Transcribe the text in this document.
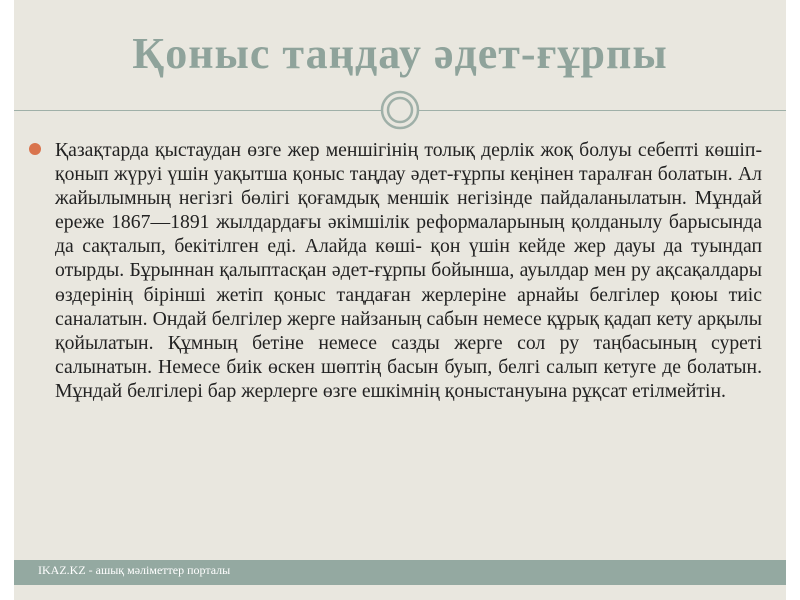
Қоныс таңдау әдет-ғұрпы

Қазақтарда қыстаудан өзге жер меншігінің толық дерлік жоқ болуы себепті көшіп-қонып жүруі үшін уақытша қоныс таңдау әдет-ғұрпы кеңінен таралған болатын. Ал жайылымның негізгі бөлігі қоғамдық меншік негізінде пайдаланылатын. Мұндай ереже 1867—1891 жылдардағы әкімшілік реформаларының қолданылу барысында да сақталып, бекітілген еді. Алайда көші- қон үшін кейде жер дауы да туындап отырды. Бұрыннан қалыптасқан әдет-ғұрпы бойынша, ауылдар мен ру ақсақалдары өздерінің бірінші жетіп қоныс таңдаған жерлеріне арнайы белгілер қоюы тиіс саналатын. Ондай белгілер жерге найзаның сабын немесе құрық қадап кету арқылы қойылатын. Құмның бетіне немесе сазды жерге сол ру таңбасының суреті салынатын. Немесе биік өскен шөптің басын буып, белгі салып кетуге де болатын. Мұндай белгілері бар жерлерге өзге ешкімнің қоныстануына рұқсат етілмейтін.

IKAZ.KZ - ашық мәліметтер порталы
